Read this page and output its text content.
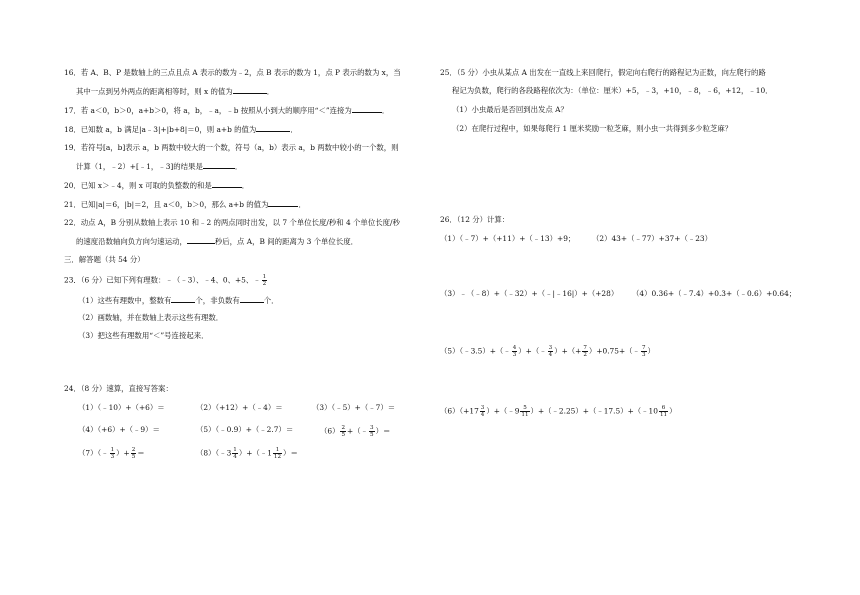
16．若 A、B、P 是数轴上的三点且点 A 表示的数为﹣2，点 B 表示的数为 1，点 P 表示的数为 x，当
其中一点到另外两点的距离相等时，则 x 的值为	．
17．若 a＜0，b＞0，a+b＞0，将 a，b，﹣a，﹣b 按照从小到大的顺序用“＜”连接为	．
18．已知数 a，b 满足|a﹣3|+|b+8|＝0，则 a+b 的值为	．
19．若符号[a，b]表示 a，b 两数中较大的一个数，符号（a，b）表示 a，b 两数中较小的一个数，则
计算（1，﹣2）+[﹣1，﹣3]的结果是	．
20．已知 x＞﹣4，则 x 可取的负整数的和是	．
21．已知|a|＝6，|b|＝2，且 a＜0，b＞0，那么 a+b 的值为	．
22．动点 A，B 分别从数轴上表示 10 和﹣2 的两点同时出发，以 7 个单位长度/秒和 4 个单位长度/秒
的速度沿数轴向负方向匀速运动，	秒后，点 A，B 间的距离为 3 个单位长度．
三．解答题（共 54 分）
23．（6 分）已知下列有理数：﹣（﹣3）、﹣4、0、+5、﹣ $\frac{1}{2}$
（1）这些有理数中，整数有	个，非负数有	个．
（2）画数轴，并在数轴上表示这些有理数．
（3）把这些有理数用“＜”号连接起来．
24．（8 分）速算，直接写答案：
（1）（﹣10）+（+6）＝	（2）（+12）+（﹣4）＝	（3）（﹣5）+（﹣7）＝
（4）（+6）+（﹣9）＝	（5）（﹣0.9）+（﹣2.7）＝	$(6) \frac{2}{5}$ +（﹣ $\frac{3}{5}$ ）＝
（7）（﹣ $\frac{1}{3}$ ）+ $\frac{2}{5}$ ＝	（8）（﹣3 $\frac{1}{4}$ ）+（﹣1 $\frac{1}{12}$ ）＝
25．（5 分）小虫从某点 A 出发在一直线上来回爬行，假定向右爬行的路程记为正数，向左爬行的路
程记为负数，爬行的各段路程依次为：（单位：厘米）+5，﹣3，+10，﹣8，﹣6，+12，﹣10．
（1）小虫最后是否回到出发点 A？
（2）在爬行过程中，如果每爬行 1 厘米奖励一粒芝麻，则小虫一共得到多少粒芝麻？
26．（12 分）计算：
（1）（﹣7）+（+11）+（﹣13）+9； （2）43+（﹣77）+37+（﹣23）
（3）﹣（﹣8）+（﹣32）+（﹣|﹣16|）+（+28） （4）0.36+（﹣7.4）+0.3+（﹣0.6）+0.64；
（5）（﹣3.5）+（﹣ $\frac{4}{3}$ ）+（﹣ $\frac{3}{4}$ ）+（+ $\frac{7}{2}$ ）+0.75+（﹣ $\frac{7}{3}$ ）
$(6)(+17 \frac{3}{4}$ ）+（﹣9 $\frac{5}{11}$ ）+（﹣2.25）+（﹣17.5）+（﹣10 $\frac{6}{11}$ ）
